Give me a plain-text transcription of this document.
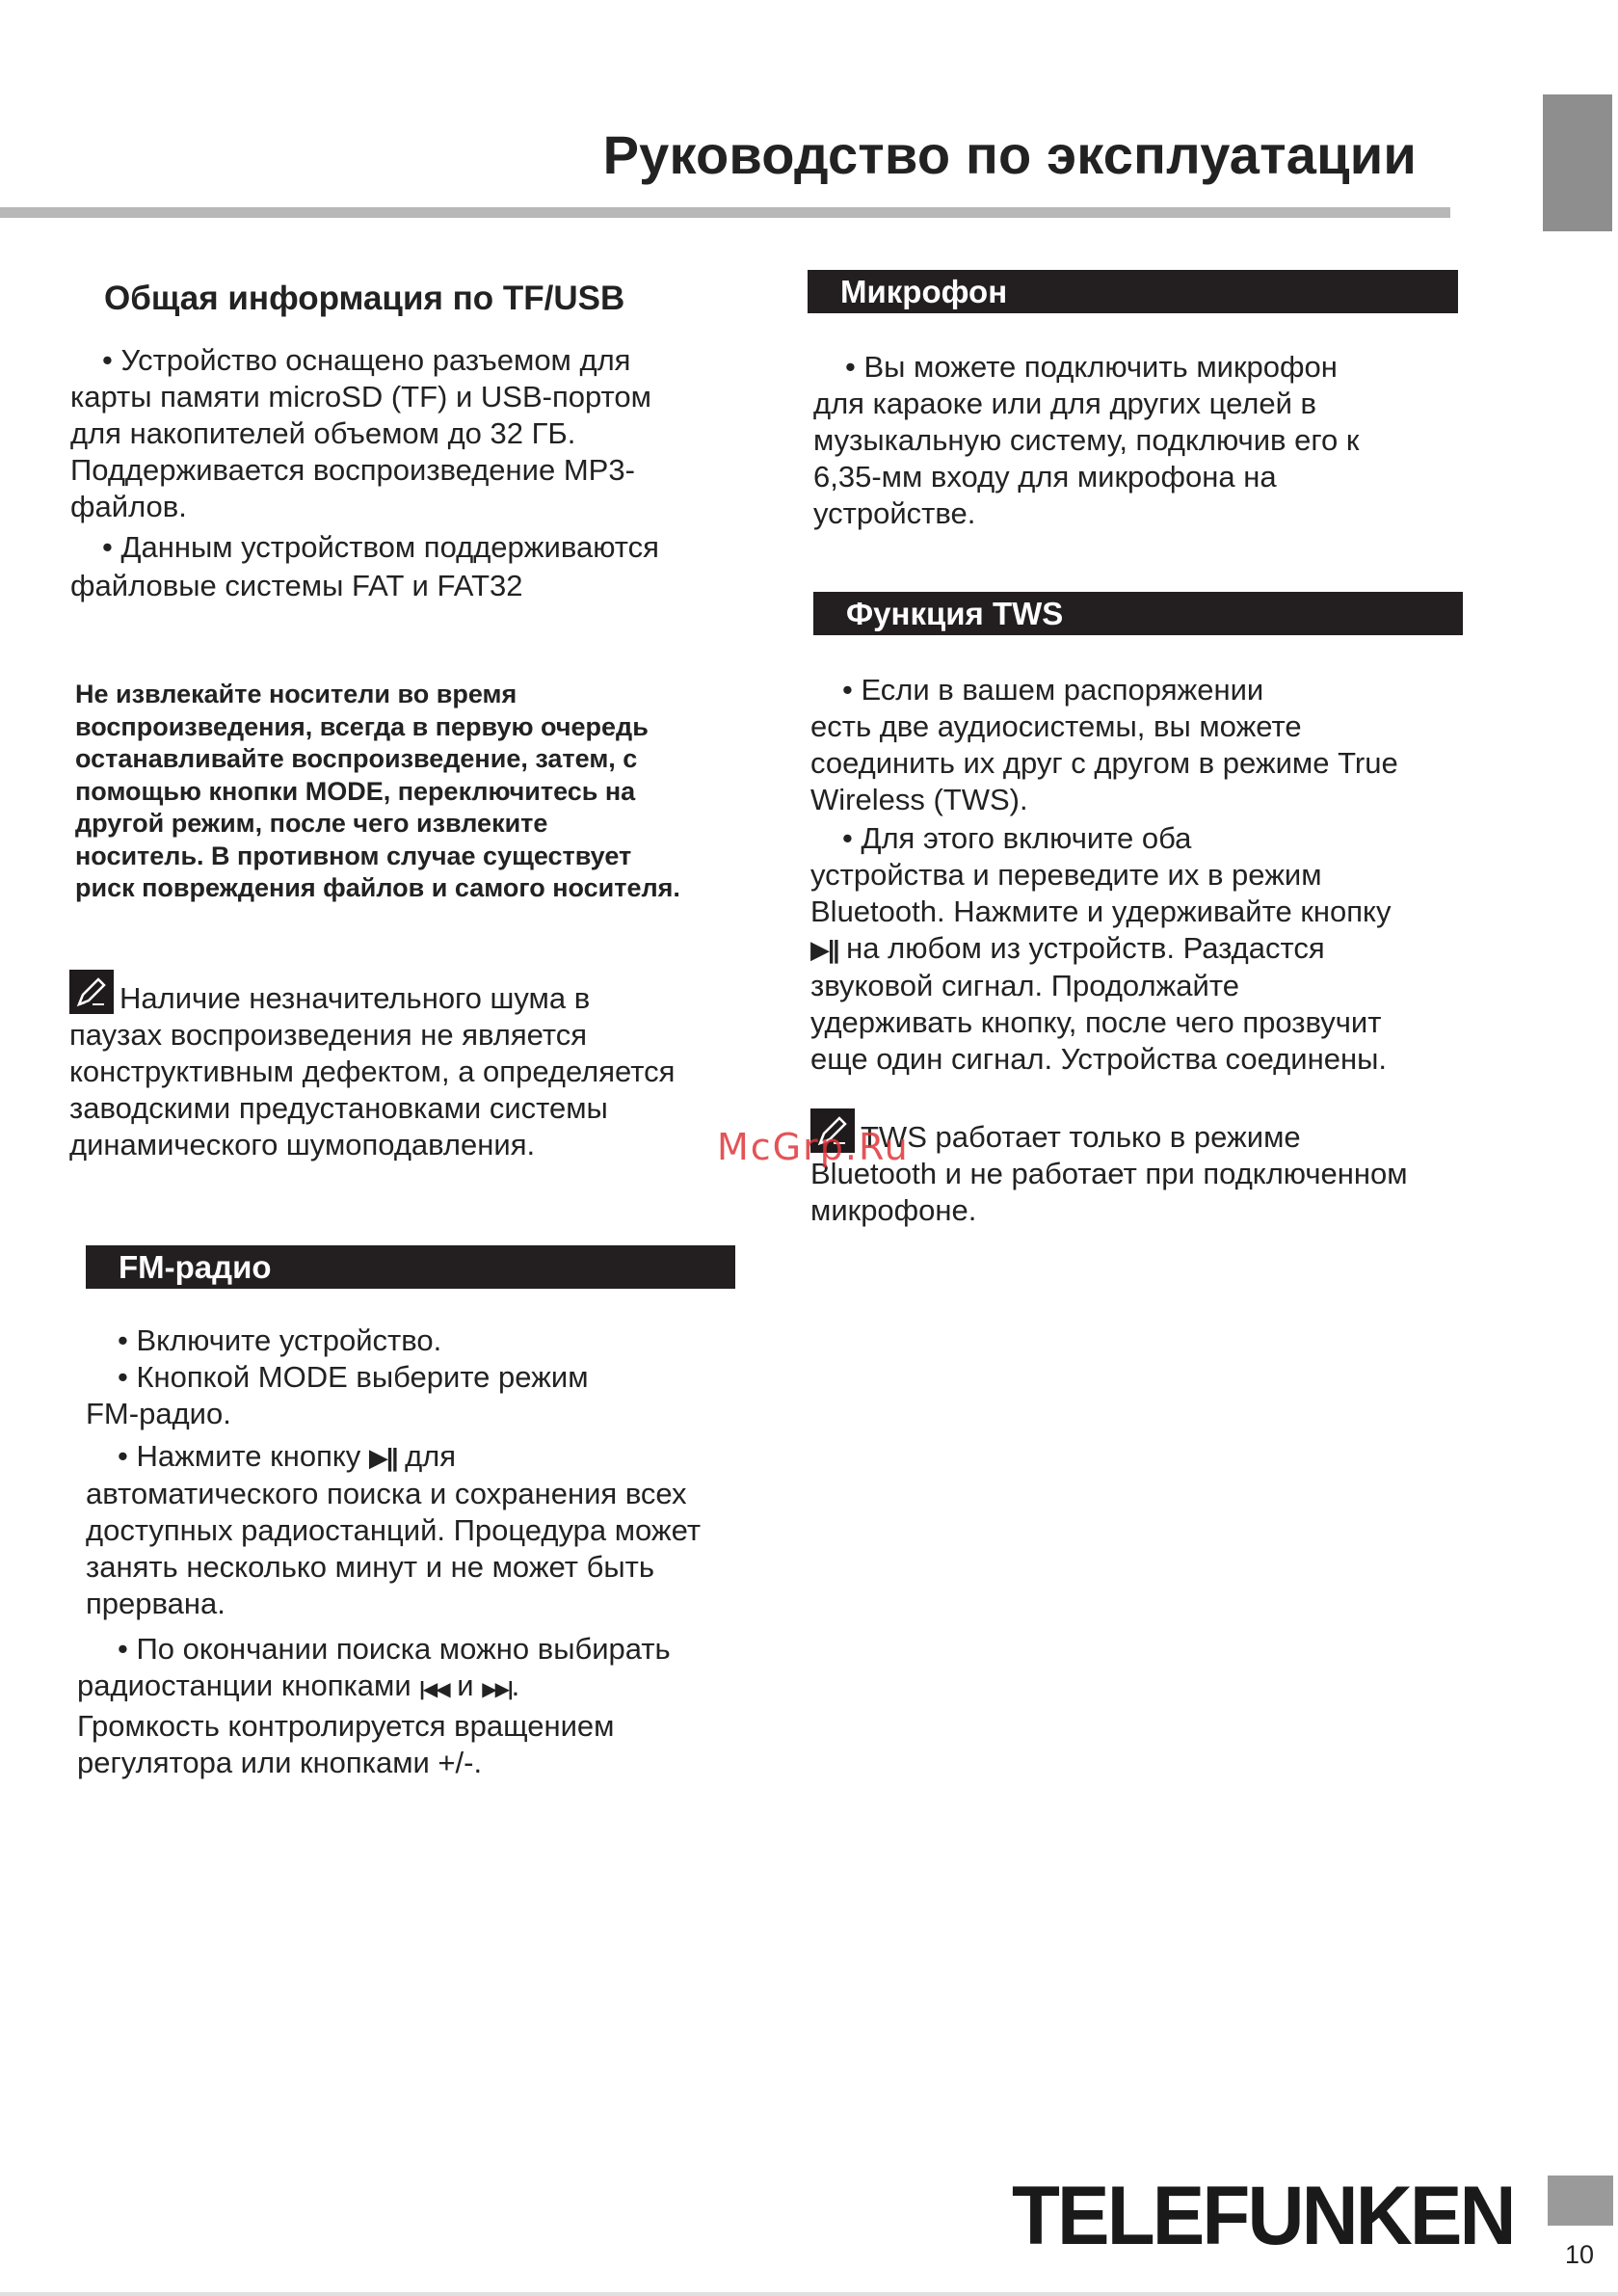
Руководство по эксплуатации
Общая информация по TF/USB

• Устройство оснащено разъемом для

карты памяти microSD (TF) и USB-портом

для накопителей объемом до 32 ГБ.

Поддерживается воспроизведение MP3-

файлов.

• Данным устройством поддерживаются

файловые системы FAT и FAT32

Не извлекайте носители во время
воспроизведения, всегда в первую очередь
останавливайте воспроизведение, затем, с
помощью кнопки MODE, переключитесь на
другой режим, после чего извлеките
носитель. В противном случае существует
риск повреждения файлов и самого носителя.

Наличие незначительного шума в

паузах воспроизведения не является

конструктивным дефектом, а определяется

заводскими предустановками системы

динамического шумоподавления.

FM-радио

• Включите устройство.

• Кнопкой MODE выберите режим

FM-радио.

• Нажмите кнопку ▶|| для

автоматического поиска и сохранения всех

доступных радиостанций. Процедура может

занять несколько минут и не может быть

прервана.

• По окончании поиска можно выбирать

радиостанции кнопками |◀◀ и ▶▶|.

Громкость контролируется вращением

регулятора или кнопками +/-.

Микрофон

• Вы можете подключить микрофон

для караоке или для других целей в

музыкальную систему, подключив его к

6,35-мм входу для микрофона на

устройстве.

Функция TWS

• Если в вашем распоряжении

есть две аудиосистемы, вы можете

соединить их друг с другом в режиме True

Wireless (TWS).

• Для этого включите оба

устройства и переведите их в режим

Bluetooth. Нажмите и удерживайте кнопку

▶|| на любом из устройств. Раздастся

звуковой сигнал. Продолжайте

удерживать кнопку, после чего прозвучит

еще один сигнал. Устройства соединены.

TWS работает только в режиме

Bluetooth и не работает при подключенном

микрофоне.

McGrp.Ru
TELEFUNKEN	10
